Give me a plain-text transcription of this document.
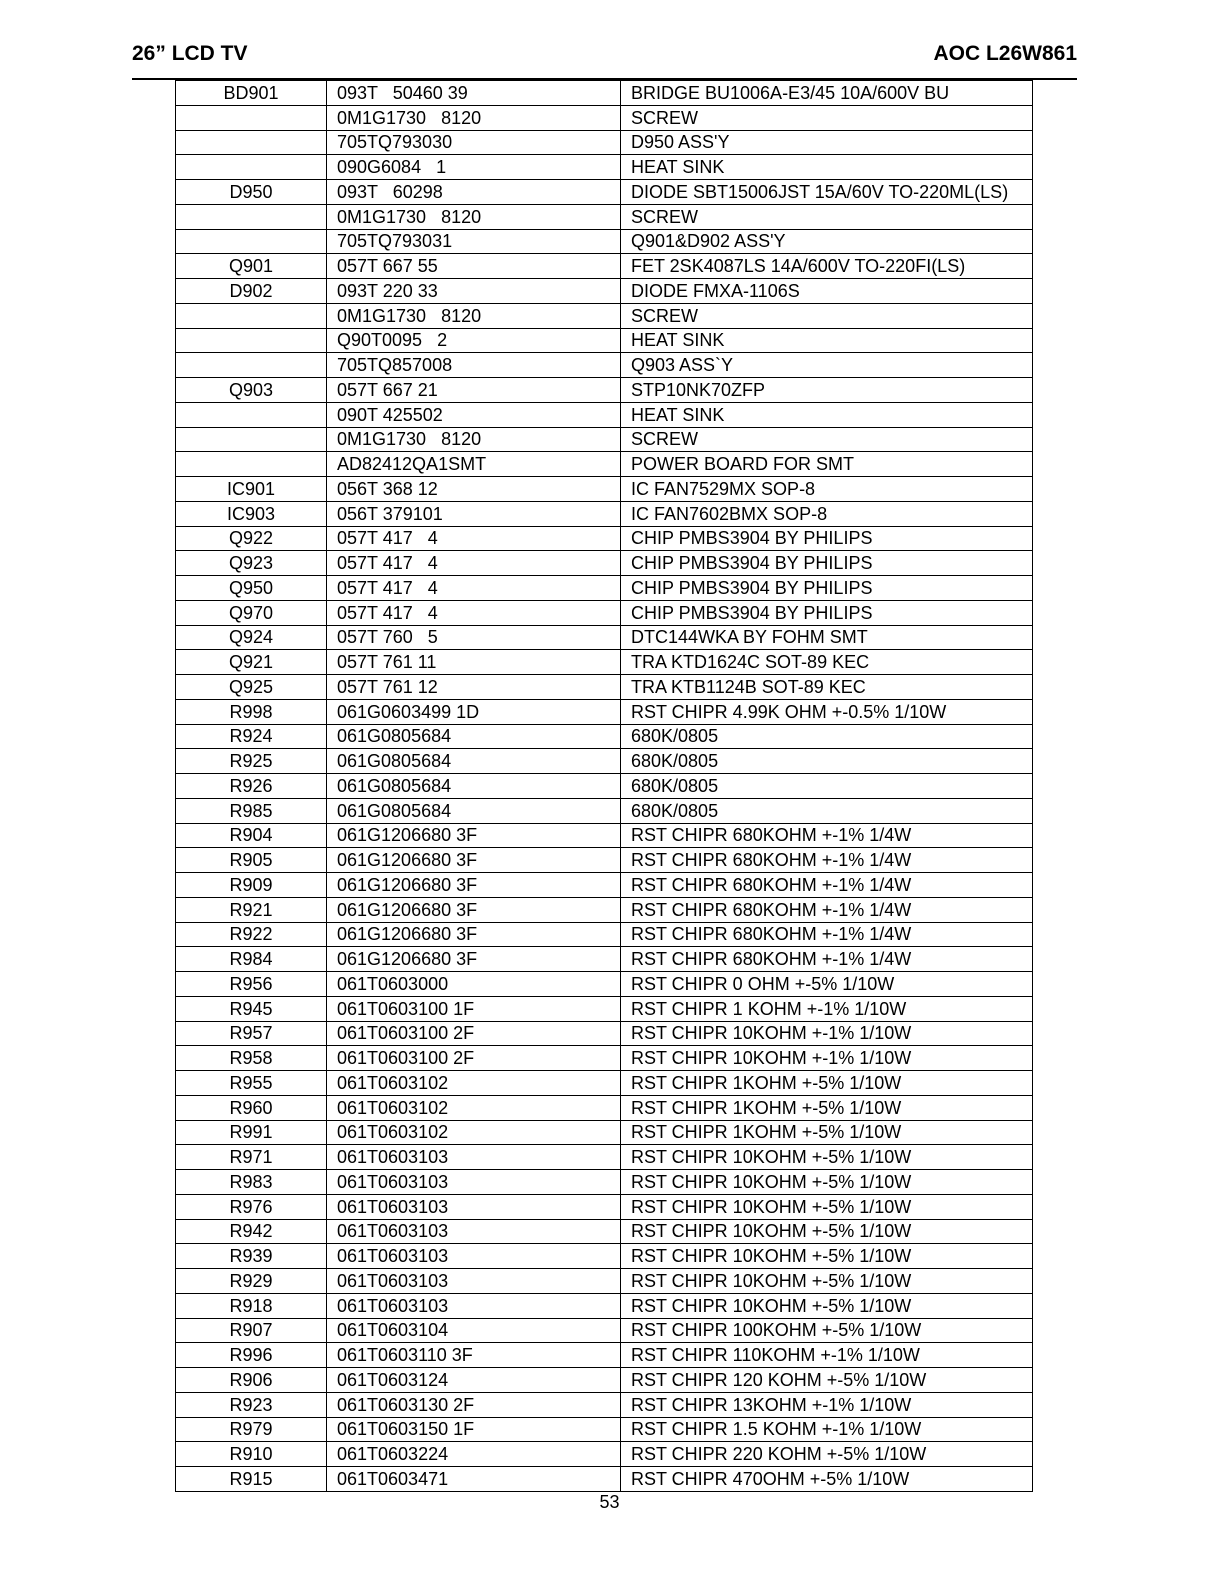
26” LCD TV	AOC L26W861
BD901	093T   50460 39	BRIDGE BU1006A-E3/45 10A/600V BU
	0M1G1730   8120	SCREW
	705TQ793030	D950 ASS'Y
	090G6084   1	HEAT SINK
D950	093T   60298	DIODE SBT15006JST 15A/60V TO-220ML(LS)
	0M1G1730   8120	SCREW
	705TQ793031	Q901&D902 ASS'Y
Q901	057T 667 55	FET 2SK4087LS 14A/600V TO-220FI(LS)
D902	093T 220 33	DIODE FMXA-1106S
	0M1G1730   8120	SCREW
	Q90T0095   2	HEAT SINK
	705TQ857008	Q903 ASS`Y
Q903	057T 667 21	STP10NK70ZFP
	090T 425502	HEAT SINK
	0M1G1730   8120	SCREW
	AD82412QA1SMT	POWER BOARD FOR SMT
IC901	056T 368 12	IC FAN7529MX SOP-8
IC903	056T 379101	IC FAN7602BMX SOP-8
Q922	057T 417   4	CHIP PMBS3904 BY PHILIPS
Q923	057T 417   4	CHIP PMBS3904 BY PHILIPS
Q950	057T 417   4	CHIP PMBS3904 BY PHILIPS
Q970	057T 417   4	CHIP PMBS3904 BY PHILIPS
Q924	057T 760   5	DTC144WKA BY FOHM SMT
Q921	057T 761 11	TRA KTD1624C SOT-89 KEC
Q925	057T 761 12	TRA KTB1124B SOT-89 KEC
R998	061G0603499 1D	RST CHIPR 4.99K OHM +-0.5% 1/10W
R924	061G0805684	680K/0805
R925	061G0805684	680K/0805
R926	061G0805684	680K/0805
R985	061G0805684	680K/0805
R904	061G1206680 3F	RST CHIPR 680KOHM +-1% 1/4W
R905	061G1206680 3F	RST CHIPR 680KOHM +-1% 1/4W
R909	061G1206680 3F	RST CHIPR 680KOHM +-1% 1/4W
R921	061G1206680 3F	RST CHIPR 680KOHM +-1% 1/4W
R922	061G1206680 3F	RST CHIPR 680KOHM +-1% 1/4W
R984	061G1206680 3F	RST CHIPR 680KOHM +-1% 1/4W
R956	061T0603000	RST CHIPR 0 OHM +-5% 1/10W
R945	061T0603100 1F	RST CHIPR 1 KOHM +-1% 1/10W
R957	061T0603100 2F	RST CHIPR 10KOHM +-1% 1/10W
R958	061T0603100 2F	RST CHIPR 10KOHM +-1% 1/10W
R955	061T0603102	RST CHIPR 1KOHM +-5% 1/10W
R960	061T0603102	RST CHIPR 1KOHM +-5% 1/10W
R991	061T0603102	RST CHIPR 1KOHM +-5% 1/10W
R971	061T0603103	RST CHIPR 10KOHM +-5% 1/10W
R983	061T0603103	RST CHIPR 10KOHM +-5% 1/10W
R976	061T0603103	RST CHIPR 10KOHM +-5% 1/10W
R942	061T0603103	RST CHIPR 10KOHM +-5% 1/10W
R939	061T0603103	RST CHIPR 10KOHM +-5% 1/10W
R929	061T0603103	RST CHIPR 10KOHM +-5% 1/10W
R918	061T0603103	RST CHIPR 10KOHM +-5% 1/10W
R907	061T0603104	RST CHIPR 100KOHM +-5% 1/10W
R996	061T0603110 3F	RST CHIPR 110KOHM +-1% 1/10W
R906	061T0603124	RST CHIPR 120 KOHM +-5% 1/10W
R923	061T0603130 2F	RST CHIPR 13KOHM +-1% 1/10W
R979	061T0603150 1F	RST CHIPR 1.5 KOHM +-1% 1/10W
R910	061T0603224	RST CHIPR 220 KOHM +-5% 1/10W
R915	061T0603471	RST CHIPR 470OHM +-5% 1/10W
53
